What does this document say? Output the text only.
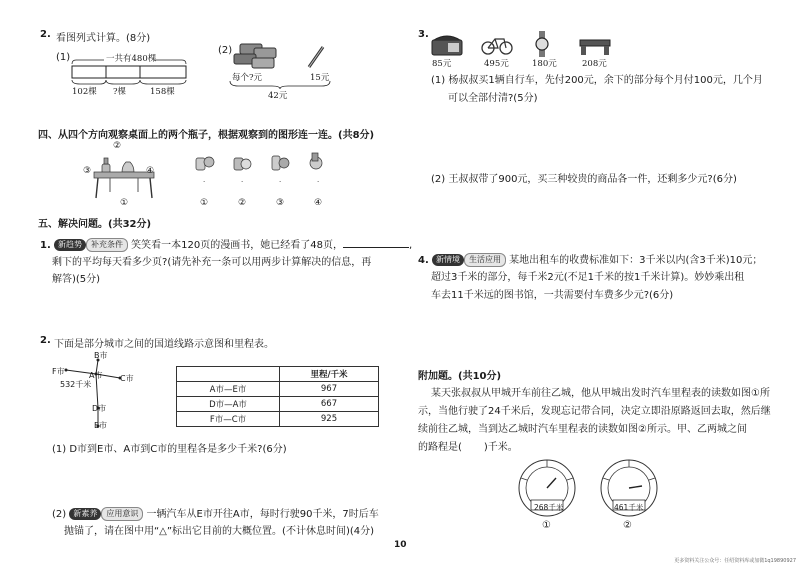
2. 看图列式计算。(8分)
(1)	一共有480棵
102棵 ?棵	158棵
(2)
每个?元	15元
42元
四、从四个方向观察桌面上的两个瓶子，根据观察到的图形连一连。(共8分)
②
③	④
①
·	·	·	·
①	②	③	④
五、解决问题。(共32分)
1. 新趋势 补充条件 笑笑看一本120页的漫画书，她已经看了48页，	,
剩下的平均每天看多少页?(请先补充一条可以用两步计算解决的信息，再
解答)(5分)
2. 下面是部分城市之间的国道线路示意图和里程表。
B市
F市	A市 C市
532千米
D市
E市
	里程/千米
A市—E市	967
D市—A市	667
F市—C市	925
(1) D市到E市、A市到C市的里程各是多少千米?(6分)
(2) 新素养 应用意识 一辆汽车从E市开往A市，每时行驶90千米，7时后车
抛锚了，请在图中用“△”标出它目前的大概位置。(不计休息时间)(4分)
3.
85元	495元	180元	208元
(1) 杨叔叔买1辆自行车，先付200元，余下的部分每个月付100元，几个月
可以全部付清?(5分)
(2) 王叔叔带了900元，买三种较贵的商品各一件，还剩多少元?(6分)
4. 新情境 生活应用 某地出租车的收费标准如下：3千米以内(含3千米)10元；
超过3千米的部分，每千米2元(不足1千米的按1千米计算)。妙妙乘出租
车去11千米远的图书馆，一共需要付车费多少元?(6分)
附加题。(共10分)
某天张叔叔从甲城开车前往乙城，他从甲城出发时汽车里程表的读数如图①所
示，当他行驶了24千米后，发现忘记带合同，决定立即沿原路返回去取，然后继
续前往乙城，当到达乙城时汽车里程表的读数如图②所示。甲、乙两城之间
的路程是( )千米。
268千米
①
461千米
②
10
更多资料关注公众号：任绍资料库或加微1q19890927
